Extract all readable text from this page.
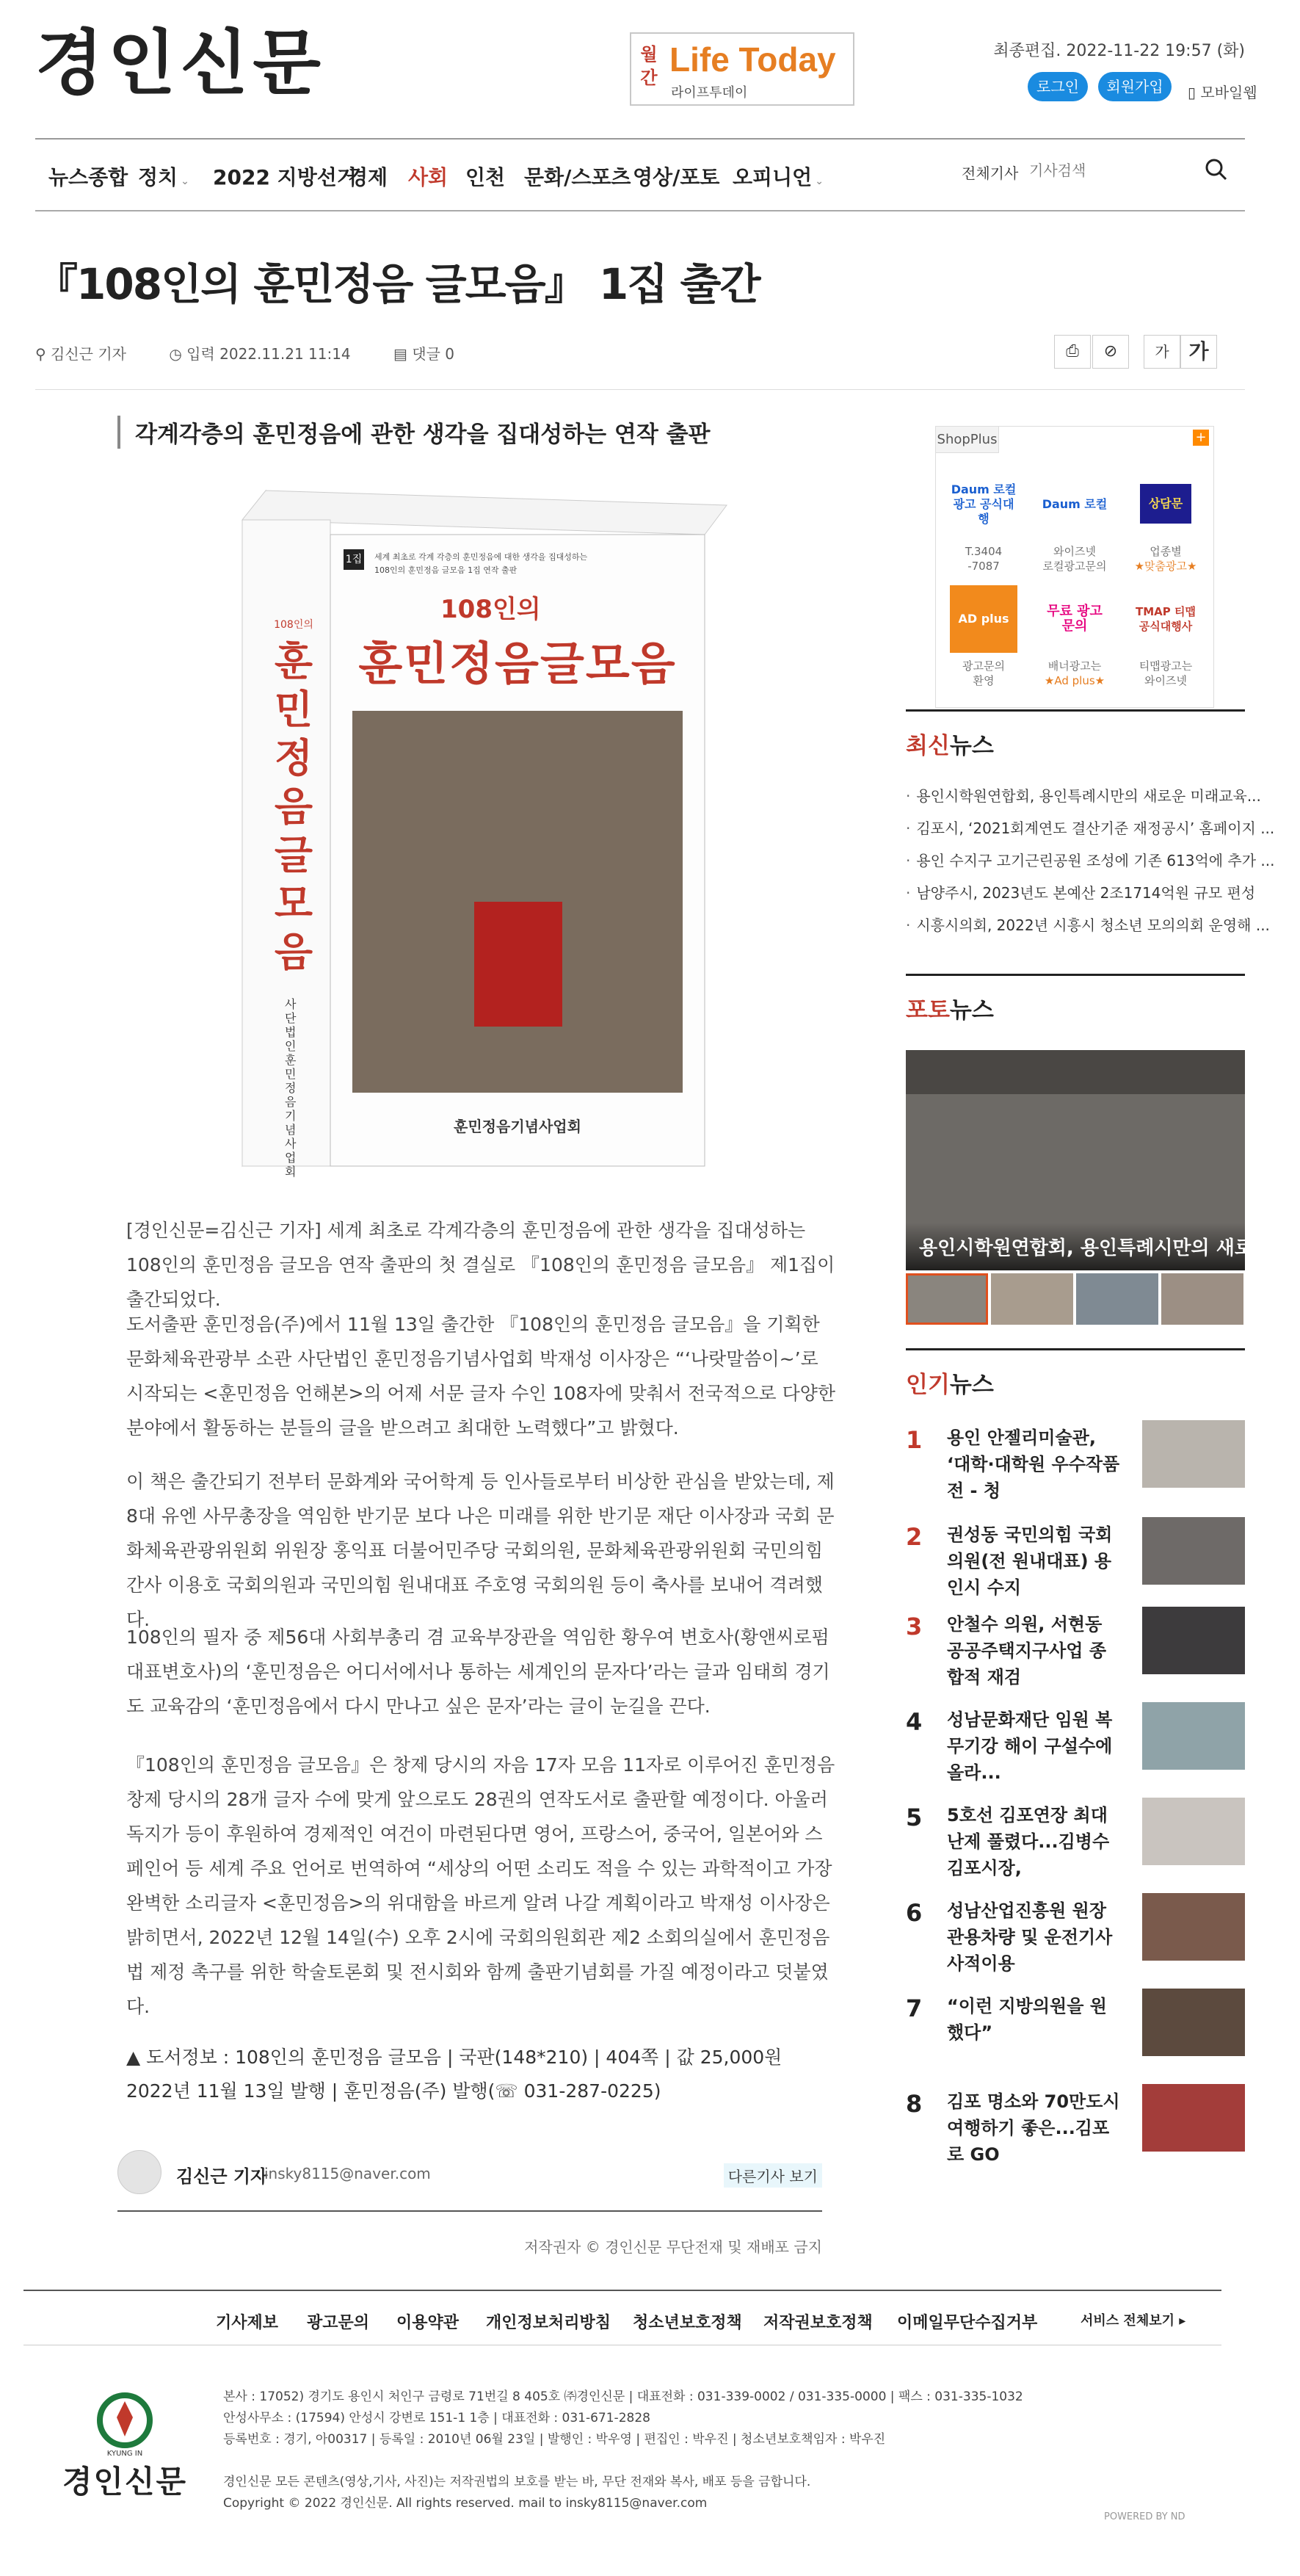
경인신문	월간 Life Today
라이프투데이
최종편집. 2022-11-22 19:57 (화)
로그인	회원가입	▯ 모바일웹
뉴스종합 정치 ⌄ 2022 지방선거
경제 사회 인천 문화/스포츠 영상/포토 오피니언 ⌄	전체기사
기사검색
『108인의 훈민정음 글모음』 1집 출간
⚲ 김신근 기자	◷ 입력 2022.11.21 11:14	▤ 댓글 0	⎙	⊘	가 가
각계각층의 훈민정음에 관한 생각을 집대성하는 연작 출판
1집 세계 최초로 각계 각층의 훈민정음에 대한 생각을 집대성하는
108인의 훈민정음 글모음 1집 연작 출판
108인의
훈민정음글모음
108인의
훈민정음글모음
사단법인 훈민정음기념사업회
훈민정음기념사업회

[경인신문=김신근 기자] 세계 최초로 각계각층의 훈민정음에 관한 생각을 집대성하는 108인의 훈민정음 글모음 연작 출판의 첫 결실로 『108인의 훈민정음 글모음』 제1집이 출간되었다.

도서출판 훈민정음(주)에서 11월 13일 출간한 『108인의 훈민정음 글모음』을 기획한 문화체육관광부 소관 사단법인 훈민정음기념사업회 박재성 이사장은 “‘나랏말씀이~’로 시작되는 <훈민정음 언해본>의 어제 서문 글자 수인 108자에 맞춰서 전국적으로 다양한 분야에서 활동하는 분들의 글을 받으려고 최대한 노력했다”고 밝혔다.

이 책은 출간되기 전부터 문화계와 국어학계 등 인사들로부터 비상한 관심을 받았는데, 제8대 유엔 사무총장을 역임한 반기문 보다 나은 미래를 위한 반기문 재단 이사장과 국회 문화체육관광위원회 위원장 홍익표 더불어민주당 국회의원, 문화체육관광위원회 국민의힘 간사 이용호 국회의원과 국민의힘 원내대표 주호영 국회의원 등이 축사를 보내어 격려했다.

108인의 필자 중 제56대 사회부총리 겸 교육부장관을 역임한 황우여 변호사(황앤씨로펌 대표변호사)의 ‘훈민정음은 어디서에서나 통하는 세계인의 문자다’라는 글과 임태희 경기도 교육감의 ‘훈민정음에서 다시 만나고 싶은 문자’라는 글이 눈길을 끈다.

『108인의 훈민정음 글모음』은 창제 당시의 자음 17자 모음 11자로 이루어진 훈민정음 창제 당시의 28개 글자 수에 맞게 앞으로도 28권의 연작도서로 출판할 예정이다. 아울러 독지가 등이 후원하여 경제적인 여건이 마련된다면 영어, 프랑스어, 중국어, 일본어와 스페인어 등 세계 주요 언어로 번역하여 “세상의 어떤 소리도 적을 수 있는 과학적이고 가장 완벽한 소리글자 <훈민정음>의 위대함을 바르게 알려 나갈 계획이라고 박재성 이사장은 밝히면서, 2022년 12월 14일(수) 오후 2시에 국회의원회관 제2 소회의실에서 훈민정음 법 제정 촉구를 위한 학술토론회 및 전시회와 함께 출판기념회를 가질 예정이라고 덧붙였다.

▲ 도서정보 : 108인의 훈민정음 글모음 | 국판(148*210) | 404쪽 | 값 25,000원

2022년 11월 13일 발행 | 훈민정음(주) 발행(☏ 031-287-0225)

김신근 기자
insky8115@naver.com	다른기사 보기
저작권자 © 경인신문 무단전재 및 재배포 금지
ShopPlus	+
Daum 로컬광고 공식대행
T.3404
-7087
Daum 로컬
와이즈넷
로컬광고문의
상담문
업종별
★맞춤광고★
AD plus
광고문의
환영
무료 광고 문의
배너광고는
★Ad plus★
TMAP 티맵 공식대행사
티맵광고는
와이즈넷
최신뉴스
· 용인시학원연합회, 용인특례시만의 새로운 미래교육...
· 김포시, ‘2021회계연도 결산기준 재정공시’ 홈페이지 ...
· 용인 수지구 고기근린공원 조성에 기존 613억에 추가 ...
· 남양주시, 2023년도 본예산 2조1714억원 규모 편성
· 시흥시의회, 2022년 시흥시 청소년 모의의회 운영해 ...
포토뉴스
용인시학원연합회, 용인특례시만의 새로운 ...
인기뉴스
1 용인 안젤리미술관, ‘대학·대학원 우수작품전 - 청
2 권성동 국민의힘 국회의원(전 원내대표) 용인시 수지
3 안철수 의원, 서현동 공공주택지구사업 종합적 재검
4 성남문화재단 임원 복무기강 해이 구설수에 올라...
5 5호선 김포연장 최대 난제 풀렸다...김병수 김포시장,
6 성남산업진흥원 원장 관용차량 및 운전기사 사적이용
7 “이런 지방의원을 원했다”
8 김포 명소와 70만도시 여행하기 좋은...김포로 GO
기사제보 광고문의 이용약관 개인정보처리방침 청소년보호정책 저작권보호정책 이메일무단수집거부	서비스 전체보기 ▸
KYUNG IN
경인신문
본사 : 17052) 경기도 용인시 처인구 금령로 71번길 8 405호 ㈜경인신문 | 대표전화 : 031-339-0002 / 031-335-0000 | 팩스 : 031-335-1032
안성사무소 : (17594) 안성시 강변로 151-1 1층 | 대표전화 : 031-671-2828
등록번호 : 경기, 아00317 | 등록일 : 2010년 06월 23일 | 발행인 : 박우영 | 편집인 : 박우진 | 청소년보호책임자 : 박우진
경인신문 모든 콘텐츠(영상,기사, 사진)는 저작권법의 보호를 받는 바, 무단 전재와 복사, 배포 등을 금합니다.
Copyright © 2022 경인신문. All rights reserved. mail to insky8115@naver.com
POWERED BY ND
